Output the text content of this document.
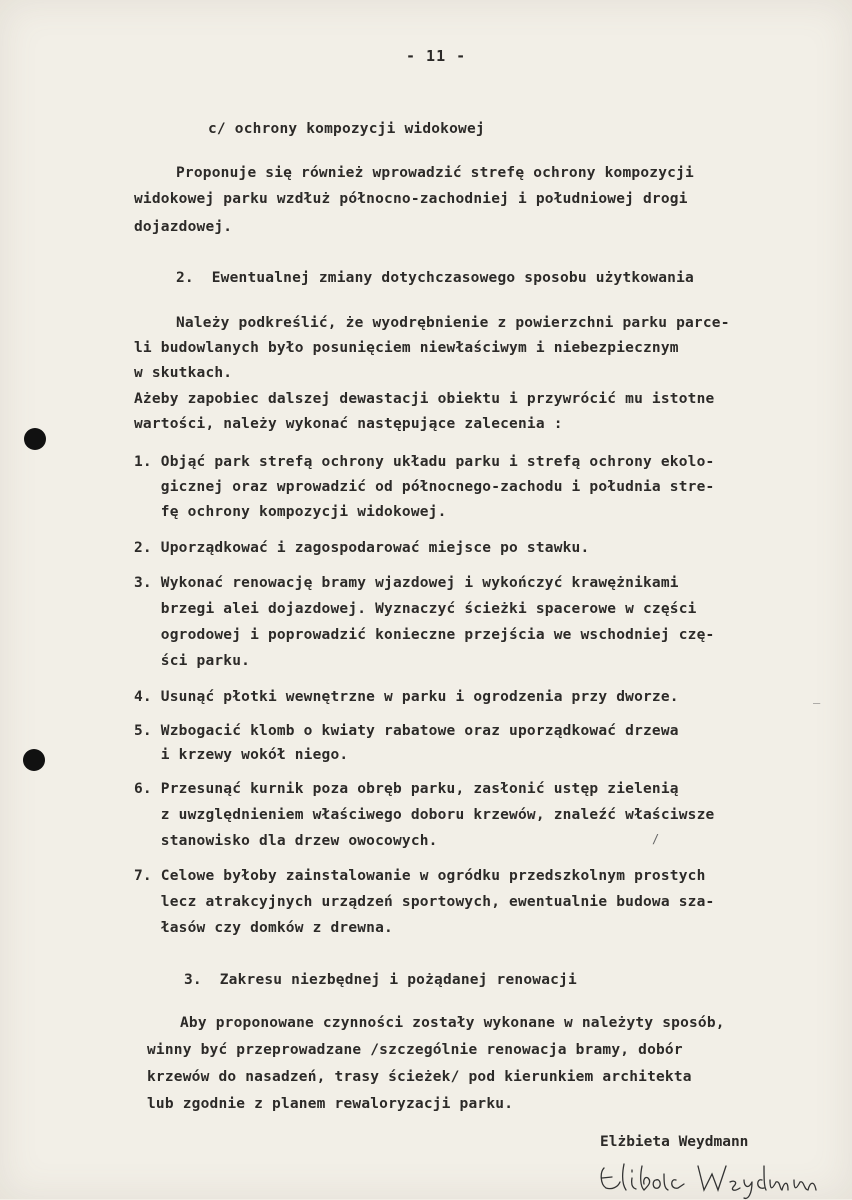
- 11 -
c/ ochrony kompozycji widokowej
Proponuje się również wprowadzić strefę ochrony kompozycji
widokowej parku wzdłuż północno-zachodniej i południowej drogi
dojazdowej.
2.  Ewentualnej zmiany dotychczasowego sposobu użytkowania
Należy podkreślić, że wyodrębnienie z powierzchni parku parce-
li budowlanych było posunięciem niewłaściwym i niebezpiecznym
w skutkach.
Ażeby zapobiec dalszej dewastacji obiektu i przywrócić mu istotne
wartości, należy wykonać następujące zalecenia :
1. Objąć park strefą ochrony układu parku i strefą ochrony ekolo-
gicznej oraz wprowadzić od północnego-zachodu i południa stre-
fę ochrony kompozycji widokowej.
2. Uporządkować i zagospodarować miejsce po stawku.
3. Wykonać renowację bramy wjazdowej i wykończyć krawężnikami
brzegi alei dojazdowej. Wyznaczyć ścieżki spacerowe w części
ogrodowej i poprowadzić konieczne przejścia we wschodniej czę-
ści parku.
4. Usunąć płotki wewnętrzne w parku i ogrodzenia przy dworze.
5. Wzbogacić klomb o kwiaty rabatowe oraz uporządkować drzewa
i krzewy wokół niego.
6. Przesunąć kurnik poza obręb parku, zasłonić ustęp zielenią
z uwzględnieniem właściwego doboru krzewów, znaleźć właściwsze
stanowisko dla drzew owocowych.
7. Celowe byłoby zainstalowanie w ogródku przedszkolnym prostych
lecz atrakcyjnych urządzeń sportowych, ewentualnie budowa sza-
łasów czy domków z drewna.
3.  Zakresu niezbędnej i pożądanej renowacji
Aby proponowane czynności zostały wykonane w należyty sposób,
winny być przeprowadzane /szczególnie renowacja bramy, dobór
krzewów do nasadzeń, trasy ścieżek/ pod kierunkiem architekta
lub zgodnie z planem rewaloryzacji parku.
Elżbieta Weydmann
/
_
